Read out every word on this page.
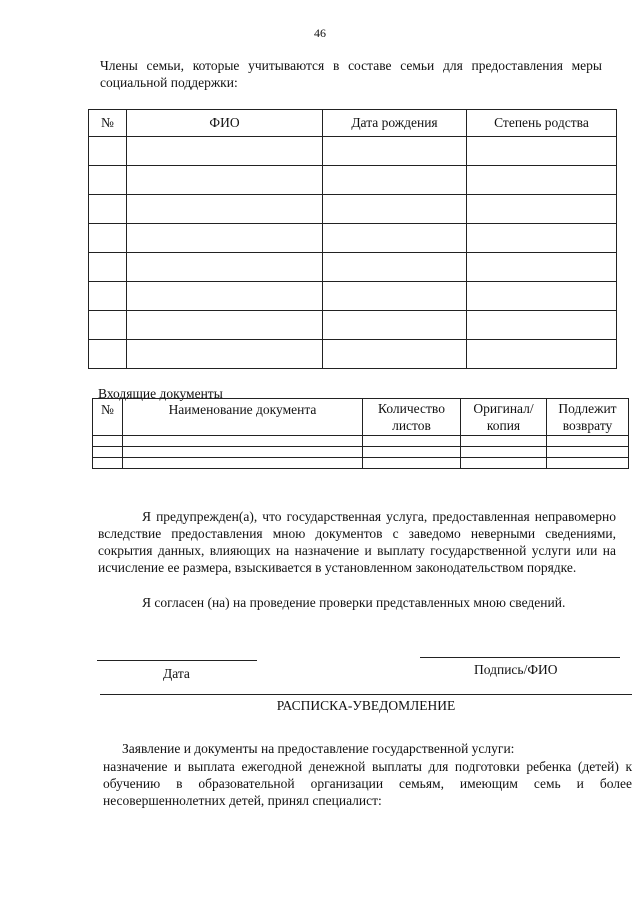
46
Члены семьи, которые учитываются в составе семьи для предоставления меры социальной поддержки:
№	ФИО	Дата рождения	Степень родства

Входящие документы
№	Наименование документа	Количество листов	Оригинал/ копия	Подлежит возврату

Я предупрежден(а), что государственная услуга, предоставленная неправомерно вследствие предоставления мною документов с заведомо неверными сведениями, сокрытия данных, влияющих на назначение и выплату государственной услуги или на исчисление ее размера, взыскивается в установленном законодательством порядке.
Я согласен (на) на проведение проверки представленных мною сведений.
Дата	Подпись/ФИО
РАСПИСКА-УВЕДОМЛЕНИЕ
Заявление и документы на предоставление государственной услуги:
назначение и выплата ежегодной денежной выплаты для подготовки ребенка (детей) к обучению в образовательной организации семьям, имеющим семь и более несовершеннолетних детей, принял специалист:
